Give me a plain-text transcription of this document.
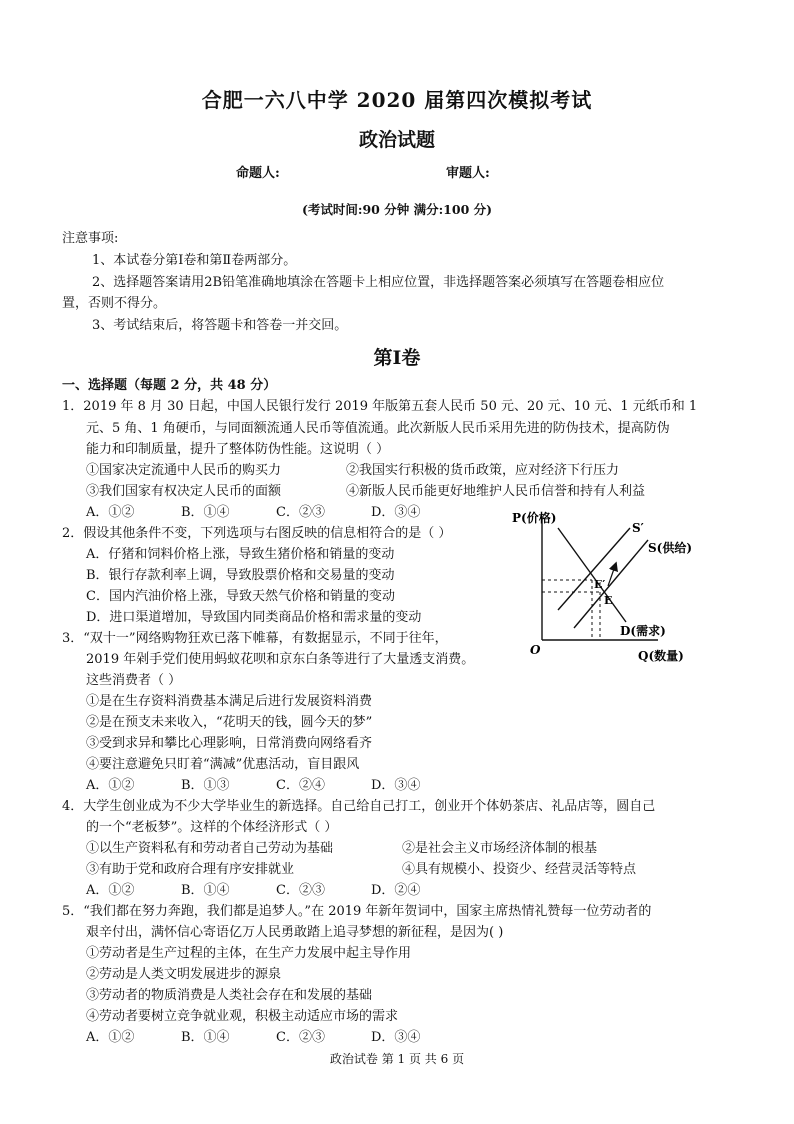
合肥一六八中学 2020 届第四次模拟考试
政治试题
命题人:	审题人:
(考试时间:90 分钟 满分:100 分)
注意事项:
1、本试卷分第Ⅰ卷和第Ⅱ卷两部分。
2、选择题答案请用2B铅笔准确地填涂在答题卡上相应位置，非选择题答案必须填写在答题卷相应位
置，否则不得分。
3、考试结束后，将答题卡和答卷一并交回。
第Ⅰ卷
一、选择题（每题 2 分，共 48 分）
1．2019 年 8 月 30 日起，中国人民银行发行 2019 年版第五套人民币 50 元、20 元、10 元、1 元纸币和 1
元、5 角、1 角硬币，与同面额流通人民币等值流通。此次新版人民币采用先进的防伪技术，提高防伪
能力和印制质量，提升了整体防伪性能。这说明（ ）
①国家决定流通中人民币的购买力	②我国实行积极的货币政策，应对经济下行压力
③我们国家有权决定人民币的面额	④新版人民币能更好地维护人民币信誉和持有人利益
A．①②	B．①④	C．②③	D．③④
2．假设其他条件不变，下列选项与右图反映的信息相符合的是（ ）
A．仔猪和饲料价格上涨，导致生猪价格和销量的变动
B．银行存款利率上调，导致股票价格和交易量的变动
C．国内汽油价格上涨，导致天然气价格和销量的变动
D．进口渠道增加，导致国内同类商品价格和需求量的变动
P(价格)
Q(数量)
O
S′
S(供给)
D(需求)
E′
E
3．“双十一”网络购物狂欢已落下帷幕，有数据显示，不同于往年，
2019 年剁手党们使用蚂蚁花呗和京东白条等进行了大量透支消费。
这些消费者（ ）
①是在生存资料消费基本满足后进行发展资料消费
②是在预支未来收入，“花明天的钱，圆今天的梦”
③受到求异和攀比心理影响，日常消费向网络看齐
④要注意避免只盯着“满减”优惠活动，盲目跟风
A．①②	B．①③	C．②④	D．③④
4．大学生创业成为不少大学毕业生的新选择。自己给自己打工，创业开个体奶茶店、礼品店等，圆自己
的一个“老板梦”。这样的个体经济形式（ ）
①以生产资料私有和劳动者自己劳动为基础	②是社会主义市场经济体制的根基
③有助于党和政府合理有序安排就业	④具有规模小、投资少、经营灵活等特点
A．①②	B．①④	C．②③	D．②④
5．“我们都在努力奔跑，我们都是追梦人。”在 2019 年新年贺词中，国家主席热情礼赞每一位劳动者的
艰辛付出，满怀信心寄语亿万人民勇敢踏上追寻梦想的新征程，是因为( )
①劳动者是生产过程的主体，在生产力发展中起主导作用
②劳动是人类文明发展进步的源泉
③劳动者的物质消费是人类社会存在和发展的基础
④劳动者要树立竞争就业观，积极主动适应市场的需求
A．①②	B．①④	C．②③	D．③④
政治试卷 第 1 页 共 6 页
